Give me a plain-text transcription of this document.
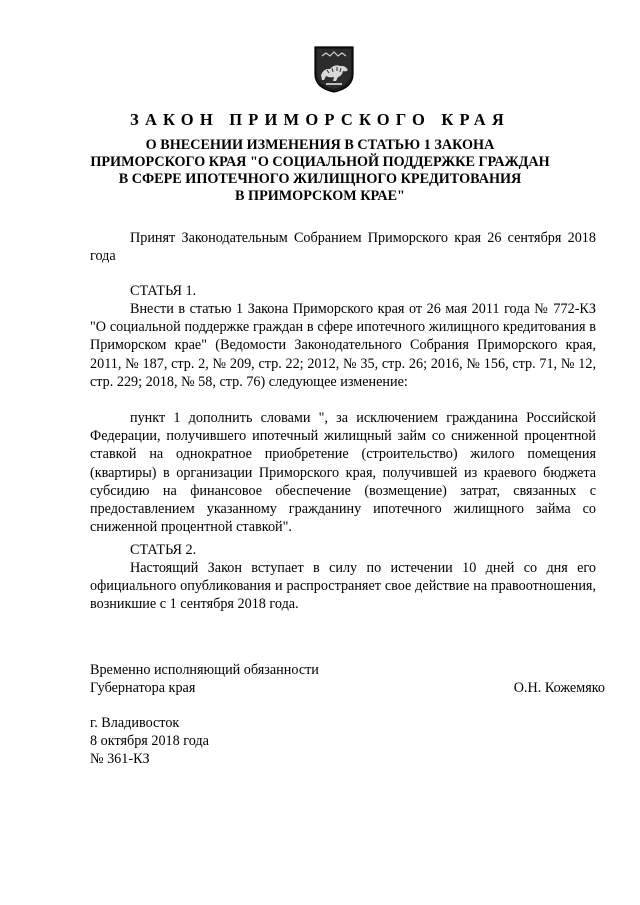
ЗАКОН ПРИМОРСКОГО КРАЯ
О ВНЕСЕНИИ ИЗМЕНЕНИЯ В СТАТЬЮ 1 ЗАКОНА
ПРИМОРСКОГО КРАЯ "О СОЦИАЛЬНОЙ ПОДДЕРЖКЕ ГРАЖДАН
В СФЕРЕ ИПОТЕЧНОГО ЖИЛИЩНОГО КРЕДИТОВАНИЯ
В ПРИМОРСКОМ КРАЕ"
Принят Законодательным Собранием Приморского края 26 сентября 2018 года
СТАТЬЯ 1.
Внести в статью 1 Закона Приморского края от 26 мая 2011 года № 772-КЗ "О социальной поддержке граждан в сфере ипотечного жилищного кредитования в Приморском крае" (Ведомости Законодательного Собрания Приморского края, 2011, № 187, стр. 2, № 209, стр. 22; 2012, № 35, стр. 26; 2016, № 156, стр. 71, № 12, стр. 229; 2018, № 58, стр. 76) следующее изменение:
пункт 1 дополнить словами ", за исключением гражданина Российской Федерации, получившего ипотечный жилищный займ со сниженной процентной ставкой на однократное приобретение (строительство) жилого помещения (квартиры) в организации Приморского края, получившей из краевого бюджета субсидию на финансовое обеспечение (возмещение) затрат, связанных с предоставлением указанному гражданину ипотечного жилищного займа со сниженной процентной ставкой".
СТАТЬЯ 2.
Настоящий Закон вступает в силу по истечении 10 дней со дня его официального опубликования и распространяет свое действие на правоотношения, возникшие с 1 сентября 2018 года.
Временно исполняющий обязанности
Губернатора края	О.Н. Кожемяко
г. Владивосток
8 октября 2018 года
№ 361-КЗ
